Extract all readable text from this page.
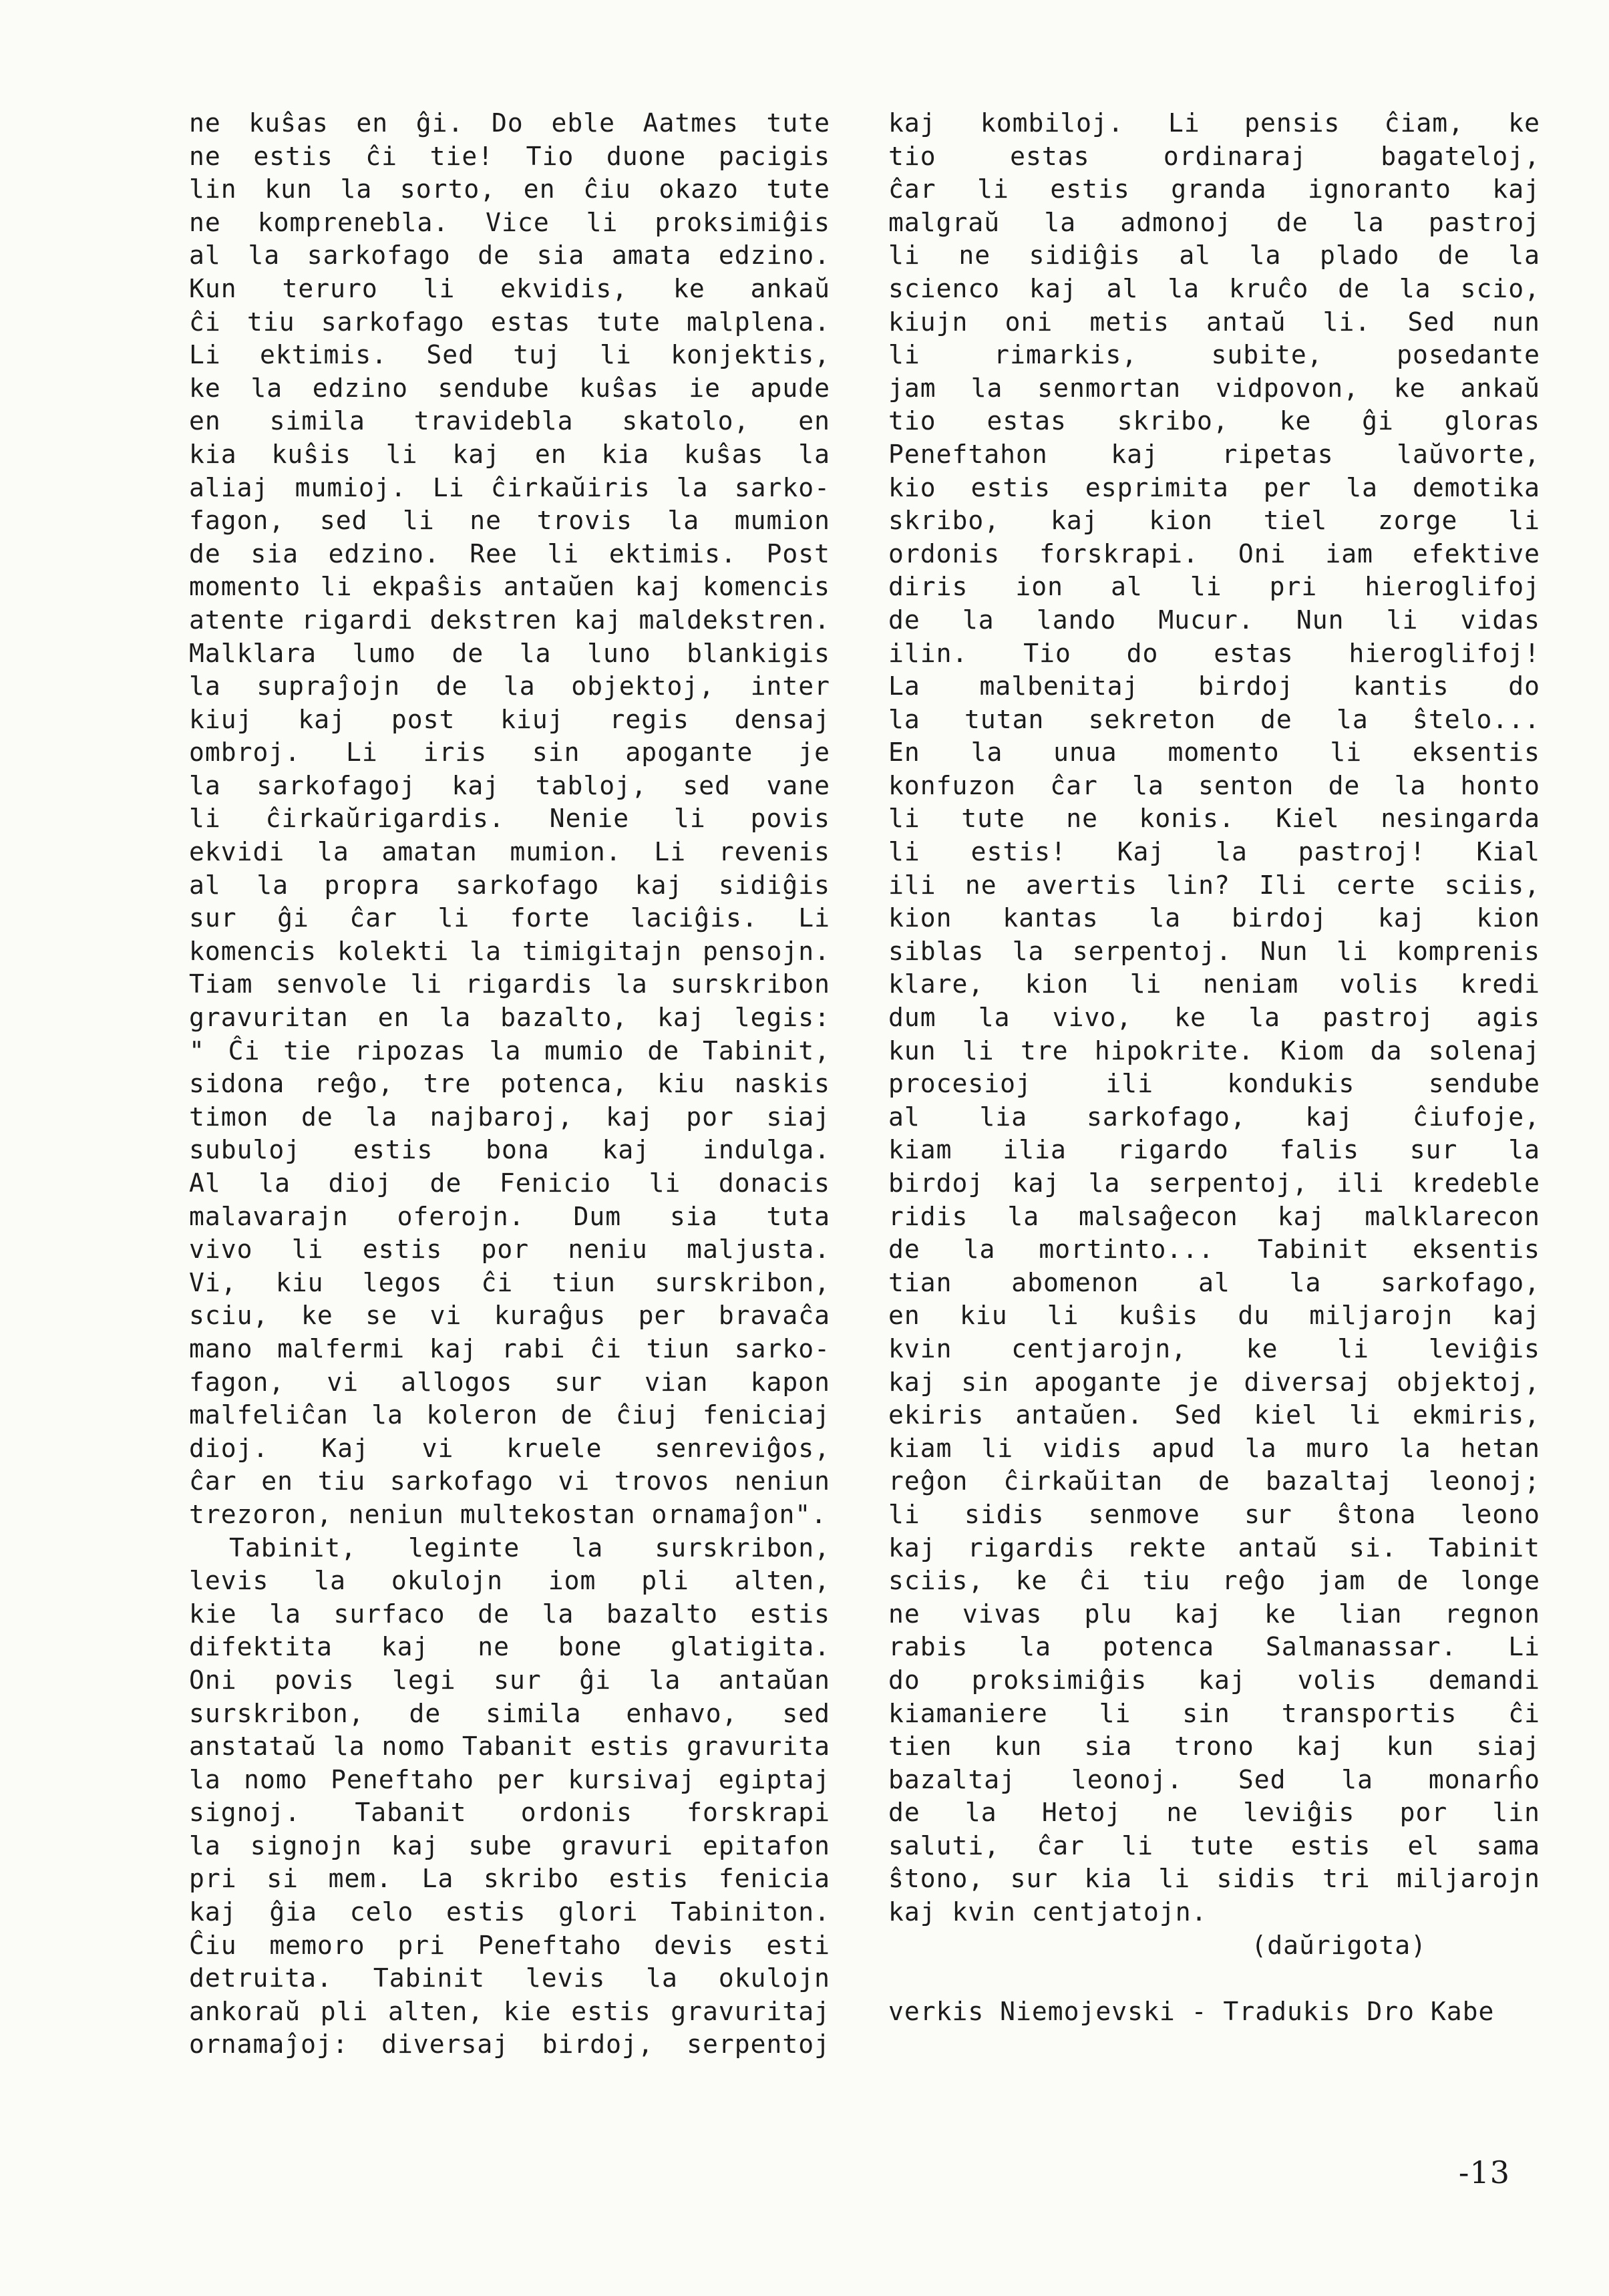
ne kuŝas en ĝi. Do eble Aatmes tute
ne estis ĉi tie! Tio duone pacigis
lin kun la sorto, en ĉiu okazo tute
ne komprenebla. Vice li proksimiĝis
al la sarkofago de sia amata edzino.
Kun teruro li ekvidis, ke ankaŭ
ĉi tiu sarkofago estas tute malplena.
Li ektimis. Sed tuj li konjektis,
ke la edzino sendube kuŝas ie apude
en simila travidebla skatolo, en
kia kuŝis li kaj en kia kuŝas la
aliaj mumioj. Li ĉirkaŭiris la sarko-
fagon, sed li ne trovis la mumion
de sia edzino. Ree li ektimis. Post
momento li ekpaŝis antaŭen kaj komencis
atente rigardi dekstren kaj maldekstren.
Malklara lumo de la luno blankigis
la supraĵojn de la objektoj, inter
kiuj kaj post kiuj regis densaj
ombroj. Li iris sin apogante je
la sarkofagoj kaj tabloj, sed vane
li ĉirkaŭrigardis. Nenie li povis
ekvidi la amatan mumion. Li revenis
al la propra sarkofago kaj sidiĝis
sur ĝi ĉar li forte laciĝis. Li
komencis kolekti la timigitajn pensojn.
Tiam senvole li rigardis la surskribon
gravuritan en la bazalto, kaj legis:
" Ĉi tie ripozas la mumio de Tabinit,
sidona reĝo, tre potenca, kiu naskis
timon de la najbaroj, kaj por siaj
subuloj estis bona kaj indulga.
Al la dioj de Fenicio li donacis
malavarajn oferojn. Dum sia tuta
vivo li estis por neniu maljusta.
Vi, kiu legos ĉi tiun surskribon,
sciu, ke se vi kuraĝus per bravaĉa
mano malfermi kaj rabi ĉi tiun sarko-
fagon, vi allogos sur vian kapon
malfeliĉan la koleron de ĉiuj feniciaj
dioj. Kaj vi kruele senreviĝos,
ĉar en tiu sarkofago vi trovos neniun
trezoron, neniun multekostan ornamaĵon".
Tabinit, leginte la surskribon,
levis la okulojn iom pli alten,
kie la surfaco de la bazalto estis
difektita kaj ne bone glatigita.
Oni povis legi sur ĝi la antaŭan
surskribon, de simila enhavo, sed
anstataŭ la nomo Tabanit estis gravurita
la nomo Peneftaho per kursivaj egiptaj
signoj. Tabanit ordonis forskrapi
la signojn kaj sube gravuri epitafon
pri si mem. La skribo estis fenicia
kaj ĝia celo estis glori Tabiniton.
Ĉiu memoro pri Peneftaho devis esti
detruita. Tabinit levis la okulojn
ankoraŭ pli alten, kie estis gravuritaj
ornamaĵoj: diversaj birdoj, serpentoj
kaj kombiloj. Li pensis ĉiam, ke
tio estas ordinaraj bagateloj,
ĉar li estis granda ignoranto kaj
malgraŭ la admonoj de la pastroj
li ne sidiĝis al la plado de la
scienco kaj al la kruĉo de la scio,
kiujn oni metis antaŭ li. Sed nun
li rimarkis, subite, posedante
jam la senmortan vidpovon, ke ankaŭ
tio estas skribo, ke ĝi gloras
Peneftahon kaj ripetas laŭvorte,
kio estis esprimita per la demotika
skribo, kaj kion tiel zorge li
ordonis forskrapi. Oni iam efektive
diris ion al li pri hieroglifoj
de la lando Mucur. Nun li vidas
ilin. Tio do estas hieroglifoj!
La malbenitaj birdoj kantis do
la tutan sekreton de la ŝtelo...
En la unua momento li eksentis
konfuzon ĉar la senton de la honto
li tute ne konis. Kiel nesingarda
li estis! Kaj la pastroj! Kial
ili ne avertis lin? Ili certe sciis,
kion kantas la birdoj kaj kion
siblas la serpentoj. Nun li komprenis
klare, kion li neniam volis kredi
dum la vivo, ke la pastroj agis
kun li tre hipokrite. Kiom da solenaj
procesioj ili kondukis sendube
al lia sarkofago, kaj ĉiufoje,
kiam ilia rigardo falis sur la
birdoj kaj la serpentoj, ili kredeble
ridis la malsaĝecon kaj malklarecon
de la mortinto... Tabinit eksentis
tian abomenon al la sarkofago,
en kiu li kuŝis du miljarojn kaj
kvin centjarojn, ke li leviĝis
kaj sin apogante je diversaj objektoj,
ekiris antaŭen. Sed kiel li ekmiris,
kiam li vidis apud la muro la hetan
reĝon ĉirkaŭitan de bazaltaj leonoj;
li sidis senmove sur ŝtona leono
kaj rigardis rekte antaŭ si. Tabinit
sciis, ke ĉi tiu reĝo jam de longe
ne vivas plu kaj ke lian regnon
rabis la potenca Salmanassar. Li
do proksimiĝis kaj volis demandi
kiamaniere li sin transportis ĉi
tien kun sia trono kaj kun siaj
bazaltaj leonoj. Sed la monarĥo
de la Hetoj ne leviĝis por lin
saluti, ĉar li tute estis el sama
ŝtono, sur kia li sidis tri miljarojn
kaj kvin centjatojn.
(daŭrigota)
verkis Niemojevski - Tradukis Dro Kabe
-13
